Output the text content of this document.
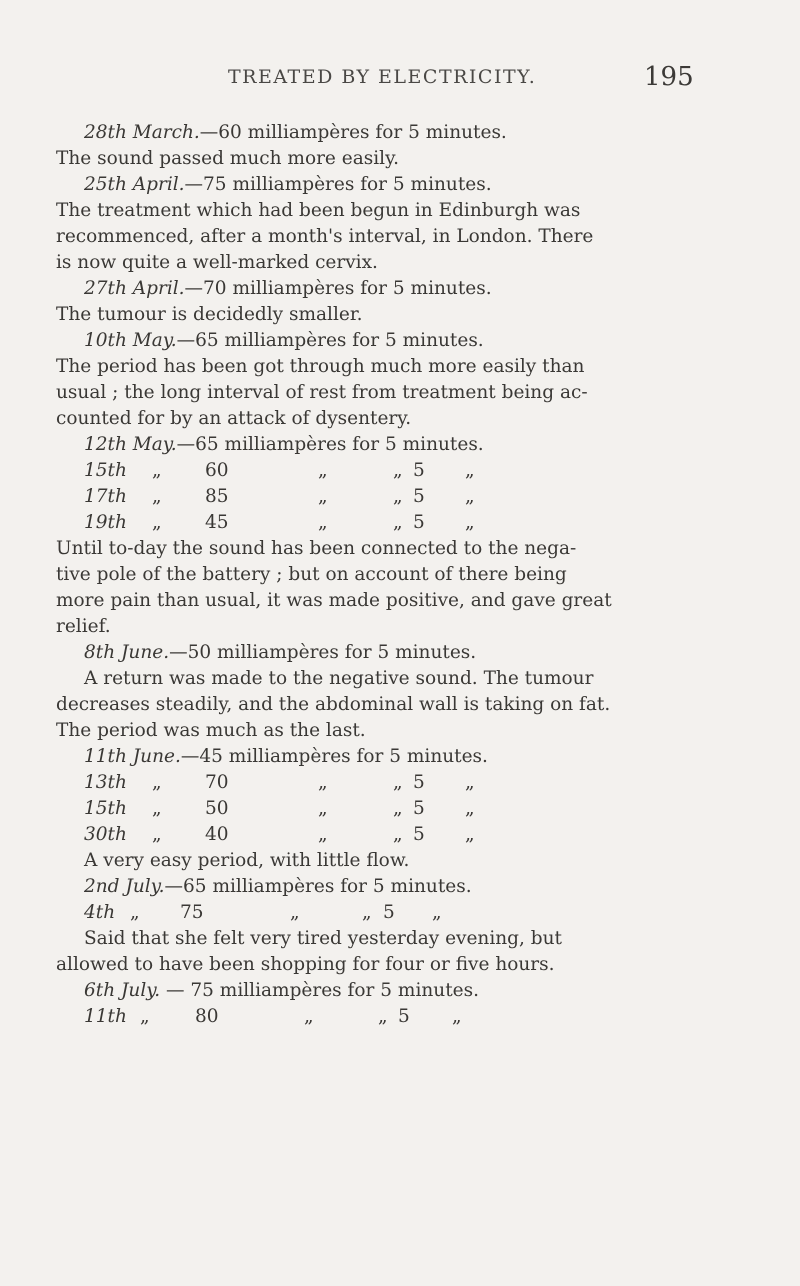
TREATED BY ELECTRICITY.	195
28th March.—60 milliampères for 5 minutes.
The sound passed much more easily.
25th April.—75 milliampères for 5 minutes.
The treatment which had been begun in Edinburgh was
recommenced, after a month's interval, in London. There
is now quite a well-marked cervix.
27th April.—70 milliampères for 5 minutes.
The tumour is decidedly smaller.
10th May.—65 milliampères for 5 minutes.
The period has been got through much more easily than
usual ; the long interval of rest from treatment being ac-
counted for by an attack of dysentery.
12th May.—65 milliampères for 5 minutes.
15th „ 60	„	„ 5 „
17th „ 85	„	„ 5 „
19th „ 45	„	„ 5 „
Until to-day the sound has been connected to the nega-
tive pole of the battery ; but on account of there being
more pain than usual, it was made positive, and gave great
relief.
8th June.—50 milliampères for 5 minutes.
A return was made to the negative sound. The tumour
decreases steadily, and the abdominal wall is taking on fat.
The period was much as the last.
11th June.—45 milliampères for 5 minutes.
13th „ 70	„	„ 5 „
15th „ 50	„	„ 5 „
30th „ 40	„	„ 5 „
A very easy period, with little flow.
2nd July.—65 milliampères for 5 minutes.
4th „ 75	„	„ 5 „
Said that she felt very tired yesterday evening, but
allowed to have been shopping for four or five hours.
6th July. — 75 milliampères for 5 minutes.
11th „ 80	„	„ 5 „
